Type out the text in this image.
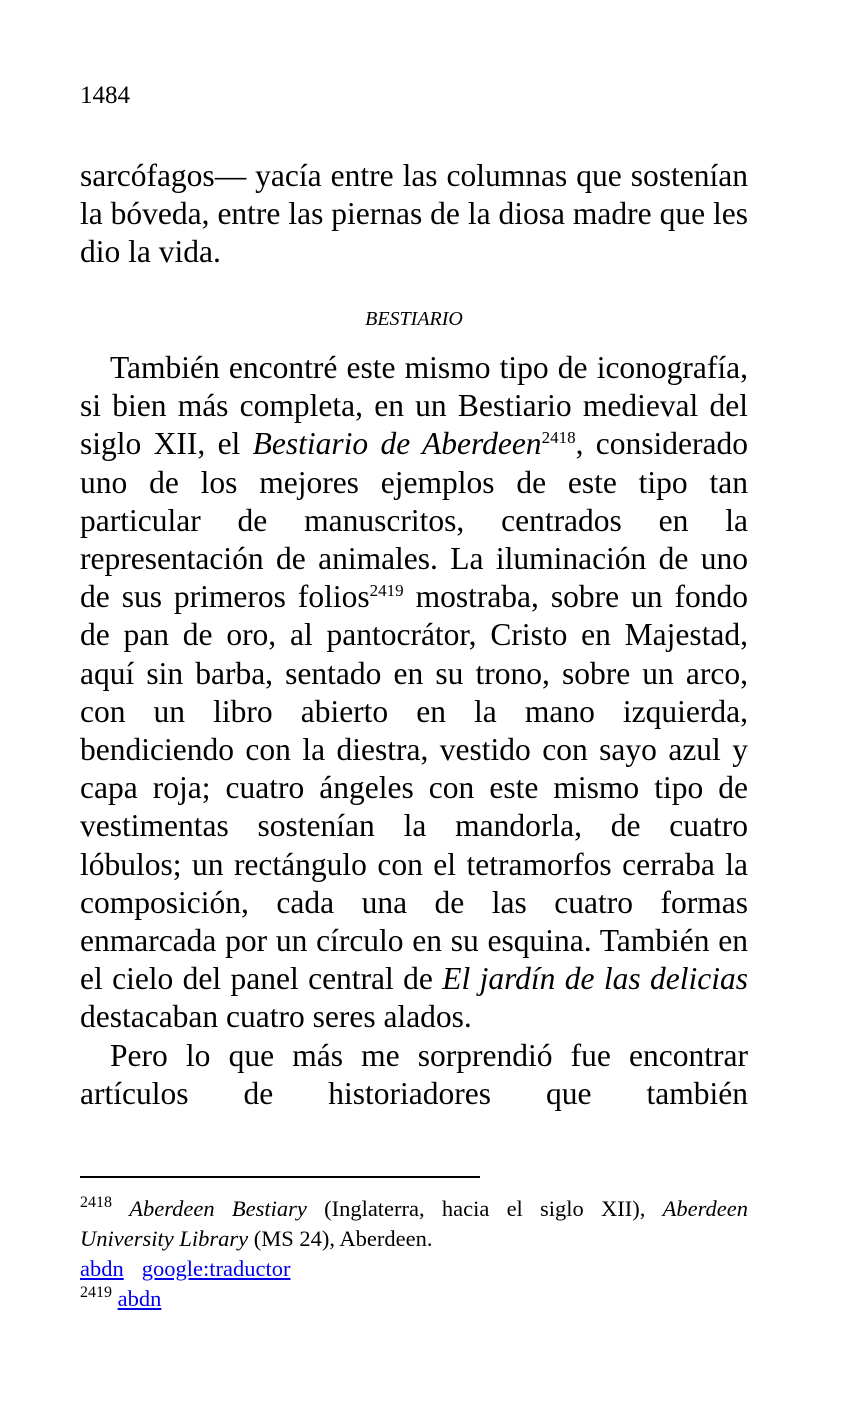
1484

sarcófagos— yacía entre las columnas que sostenían la bóveda, entre las piernas de la diosa madre que les dio la vida.

BESTIARIO

También encontré este mismo tipo de iconografía, si bien más completa, en un Bestiario medieval del siglo XII, el Bestiario de Aberdeen$^{2418}$, considerado uno de los mejores ejemplos de este tipo tan particular de manuscritos, centrados en la representación de animales. La iluminación de uno de sus primeros folios$^{2419}$ mostraba, sobre un fondo de pan de oro, al pantocrátor, Cristo en Majestad, aquí sin barba, sentado en su trono, sobre un arco, con un libro abierto en la mano izquierda, bendiciendo con la diestra, vestido con sayo azul y capa roja; cuatro ángeles con este mismo tipo de vestimentas sostenían la mandorla, de cuatro lóbulos; un rectángulo con el tetramorfos cerraba la composición, cada una de las cuatro formas enmarcada por un círculo en su esquina. También en el cielo del panel central de El jardín de las delicias destacaban cuatro seres alados.

Pero lo que más me sorprendió fue encontrar artículos de historiadores que también

$^{2418}$ Aberdeen Bestiary (Inglaterra, hacia el siglo XII), Aberdeen University Library (MS 24), Aberdeen.
abdn google:traductor
$^{2419}$ abdn
